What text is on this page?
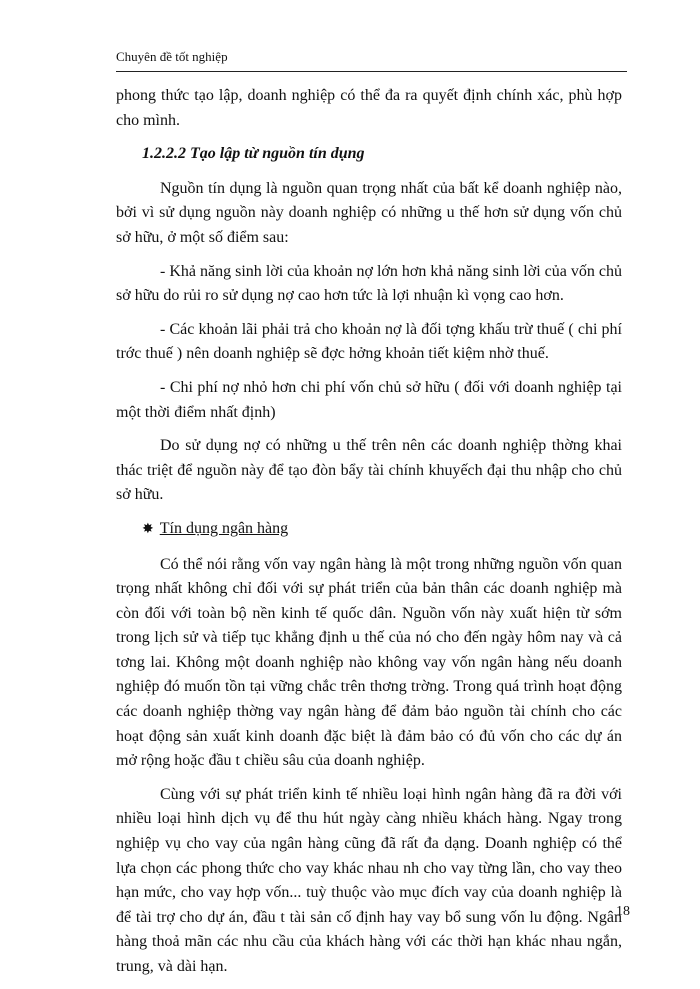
Chuyên đề tốt nghiệp

phong thức tạo lập, doanh nghiệp có thể đa ra quyết định chính xác, phù hợp cho mình.

1.2.2.2 Tạo lập từ nguồn tín dụng

Nguồn tín dụng là nguồn quan trọng nhất của bất kể doanh nghiệp nào, bởi vì sử dụng nguồn này doanh nghiệp có những u thế hơn sử dụng vốn chủ sở hữu, ở một số điểm sau:

- Khả năng sinh lời của khoản nợ lớn hơn khả năng sinh lời của vốn chủ sở hữu do rủi ro sử dụng nợ cao hơn tức là lợi nhuận kì vọng cao hơn.

- Các khoản lãi phải trả cho khoản nợ là đối tợng khấu trừ thuế ( chi phí trớc thuế ) nên doanh nghiệp sẽ đợc hởng khoản tiết kiệm nhờ thuế.

- Chi phí nợ nhỏ hơn chi phí vốn chủ sở hữu ( đối với doanh nghiệp tại một thời điểm nhất định)

Do sử dụng nợ có những u thế trên nên các doanh nghiệp thờng khai thác triệt để nguồn này để tạo đòn bẩy tài chính khuyếch đại thu nhập cho chủ sở hữu.

✸ Tín dụng ngân hàng

Có thể nói rằng vốn vay ngân hàng là một trong những nguồn vốn quan trọng nhất không chỉ đối với sự phát triển của bản thân các doanh nghiệp mà còn đối với toàn bộ nền kinh tế quốc dân. Nguồn vốn này xuất hiện từ sớm trong lịch sử và tiếp tục khẳng định u thế của nó cho đến ngày hôm nay và cả tơng lai. Không một doanh nghiệp nào không vay vốn ngân hàng nếu doanh nghiệp đó muốn tồn tại vững chắc trên thơng trờng. Trong quá trình hoạt động các doanh nghiệp thờng vay ngân hàng để đảm bảo nguồn tài chính cho các hoạt động sản xuất kinh doanh đặc biệt là đảm bảo có đủ vốn cho các dự án mở rộng hoặc đầu t chiều sâu của doanh nghiệp.

Cùng với sự phát triển kinh tế nhiều loại hình ngân hàng đã ra đời với nhiều loại hình dịch vụ để thu hút ngày càng nhiều khách hàng. Ngay trong nghiệp vụ cho vay của ngân hàng cũng đã rất đa dạng. Doanh nghiệp có thể lựa chọn các phong thức cho vay khác nhau nh cho vay từng lần, cho vay theo hạn mức, cho vay hợp vốn... tuỳ thuộc vào mục đích vay của doanh nghiệp là để tài trợ cho dự án, đầu t tài sản cố định hay vay bổ sung vốn lu động. Ngân hàng thoả mãn các nhu cầu của khách hàng với các thời hạn khác nhau ngắn, trung, và dài hạn.

18
